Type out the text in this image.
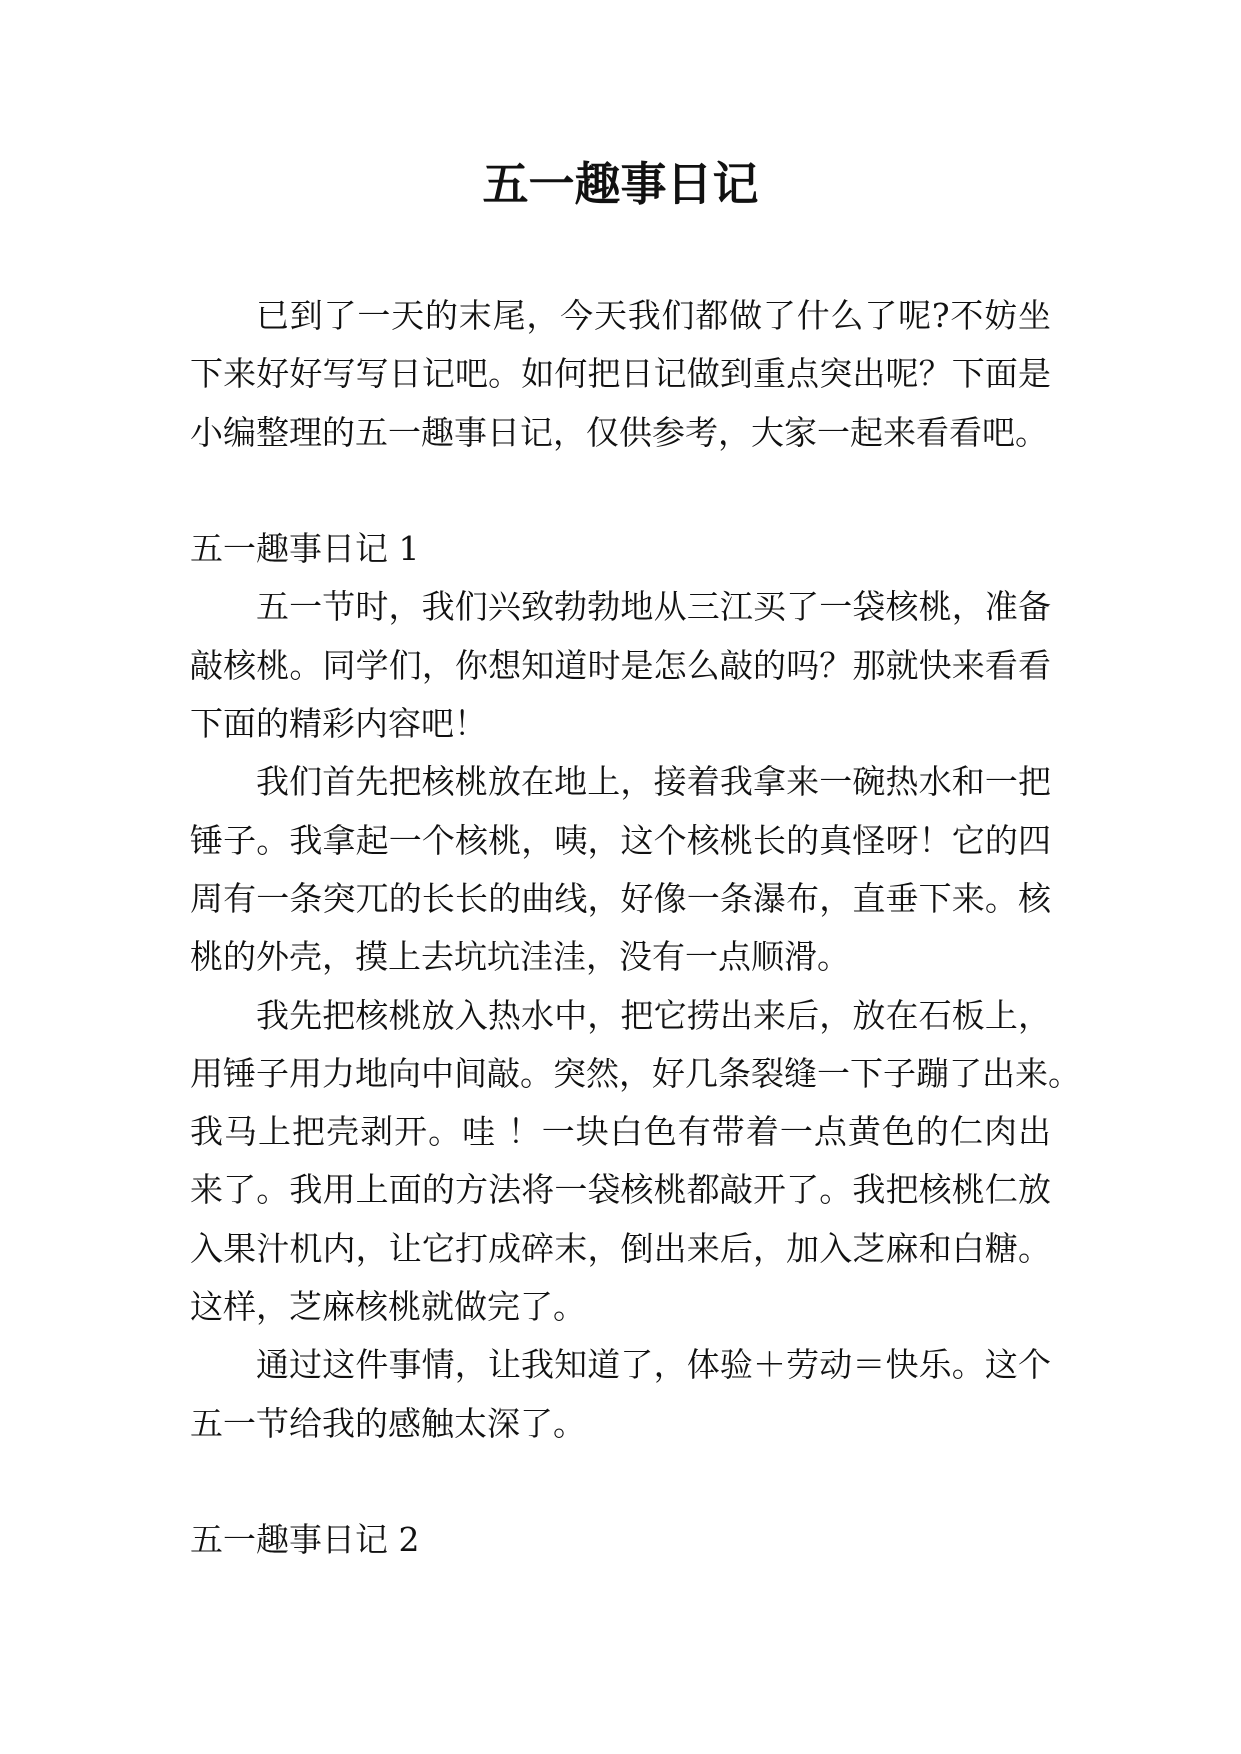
五一趣事日记
已到了一天的末尾，今天我们都做了什么了呢?不妨坐
下来好好写写日记吧。如何把日记做到重点突出呢？下面是
小编整理的五一趣事日记，仅供参考，大家一起来看看吧。
五一趣事日记 1
五一节时，我们兴致勃勃地从三江买了一袋核桃，准备
敲核桃。同学们，你想知道时是怎么敲的吗？那就快来看看
下面的精彩内容吧！
我们首先把核桃放在地上，接着我拿来一碗热水和一把
锤子。我拿起一个核桃，咦，这个核桃长的真怪呀！它的四
周有一条突兀的长长的曲线，好像一条瀑布，直垂下来。核
桃的外壳，摸上去坑坑洼洼，没有一点顺滑。
我先把核桃放入热水中，把它捞出来后，放在石板上，
用锤子用力地向中间敲。突然，好几条裂缝一下子蹦了出来。
我马上把壳剥开。哇 ！一块白色有带着一点黄色的仁肉出
来了。我用上面的方法将一袋核桃都敲开了。我把核桃仁放
入果汁机内，让它打成碎末，倒出来后，加入芝麻和白糖。
这样，芝麻核桃就做完了。
通过这件事情，让我知道了，体验＋劳动＝快乐。这个
五一节给我的感触太深了。
五一趣事日记 2
